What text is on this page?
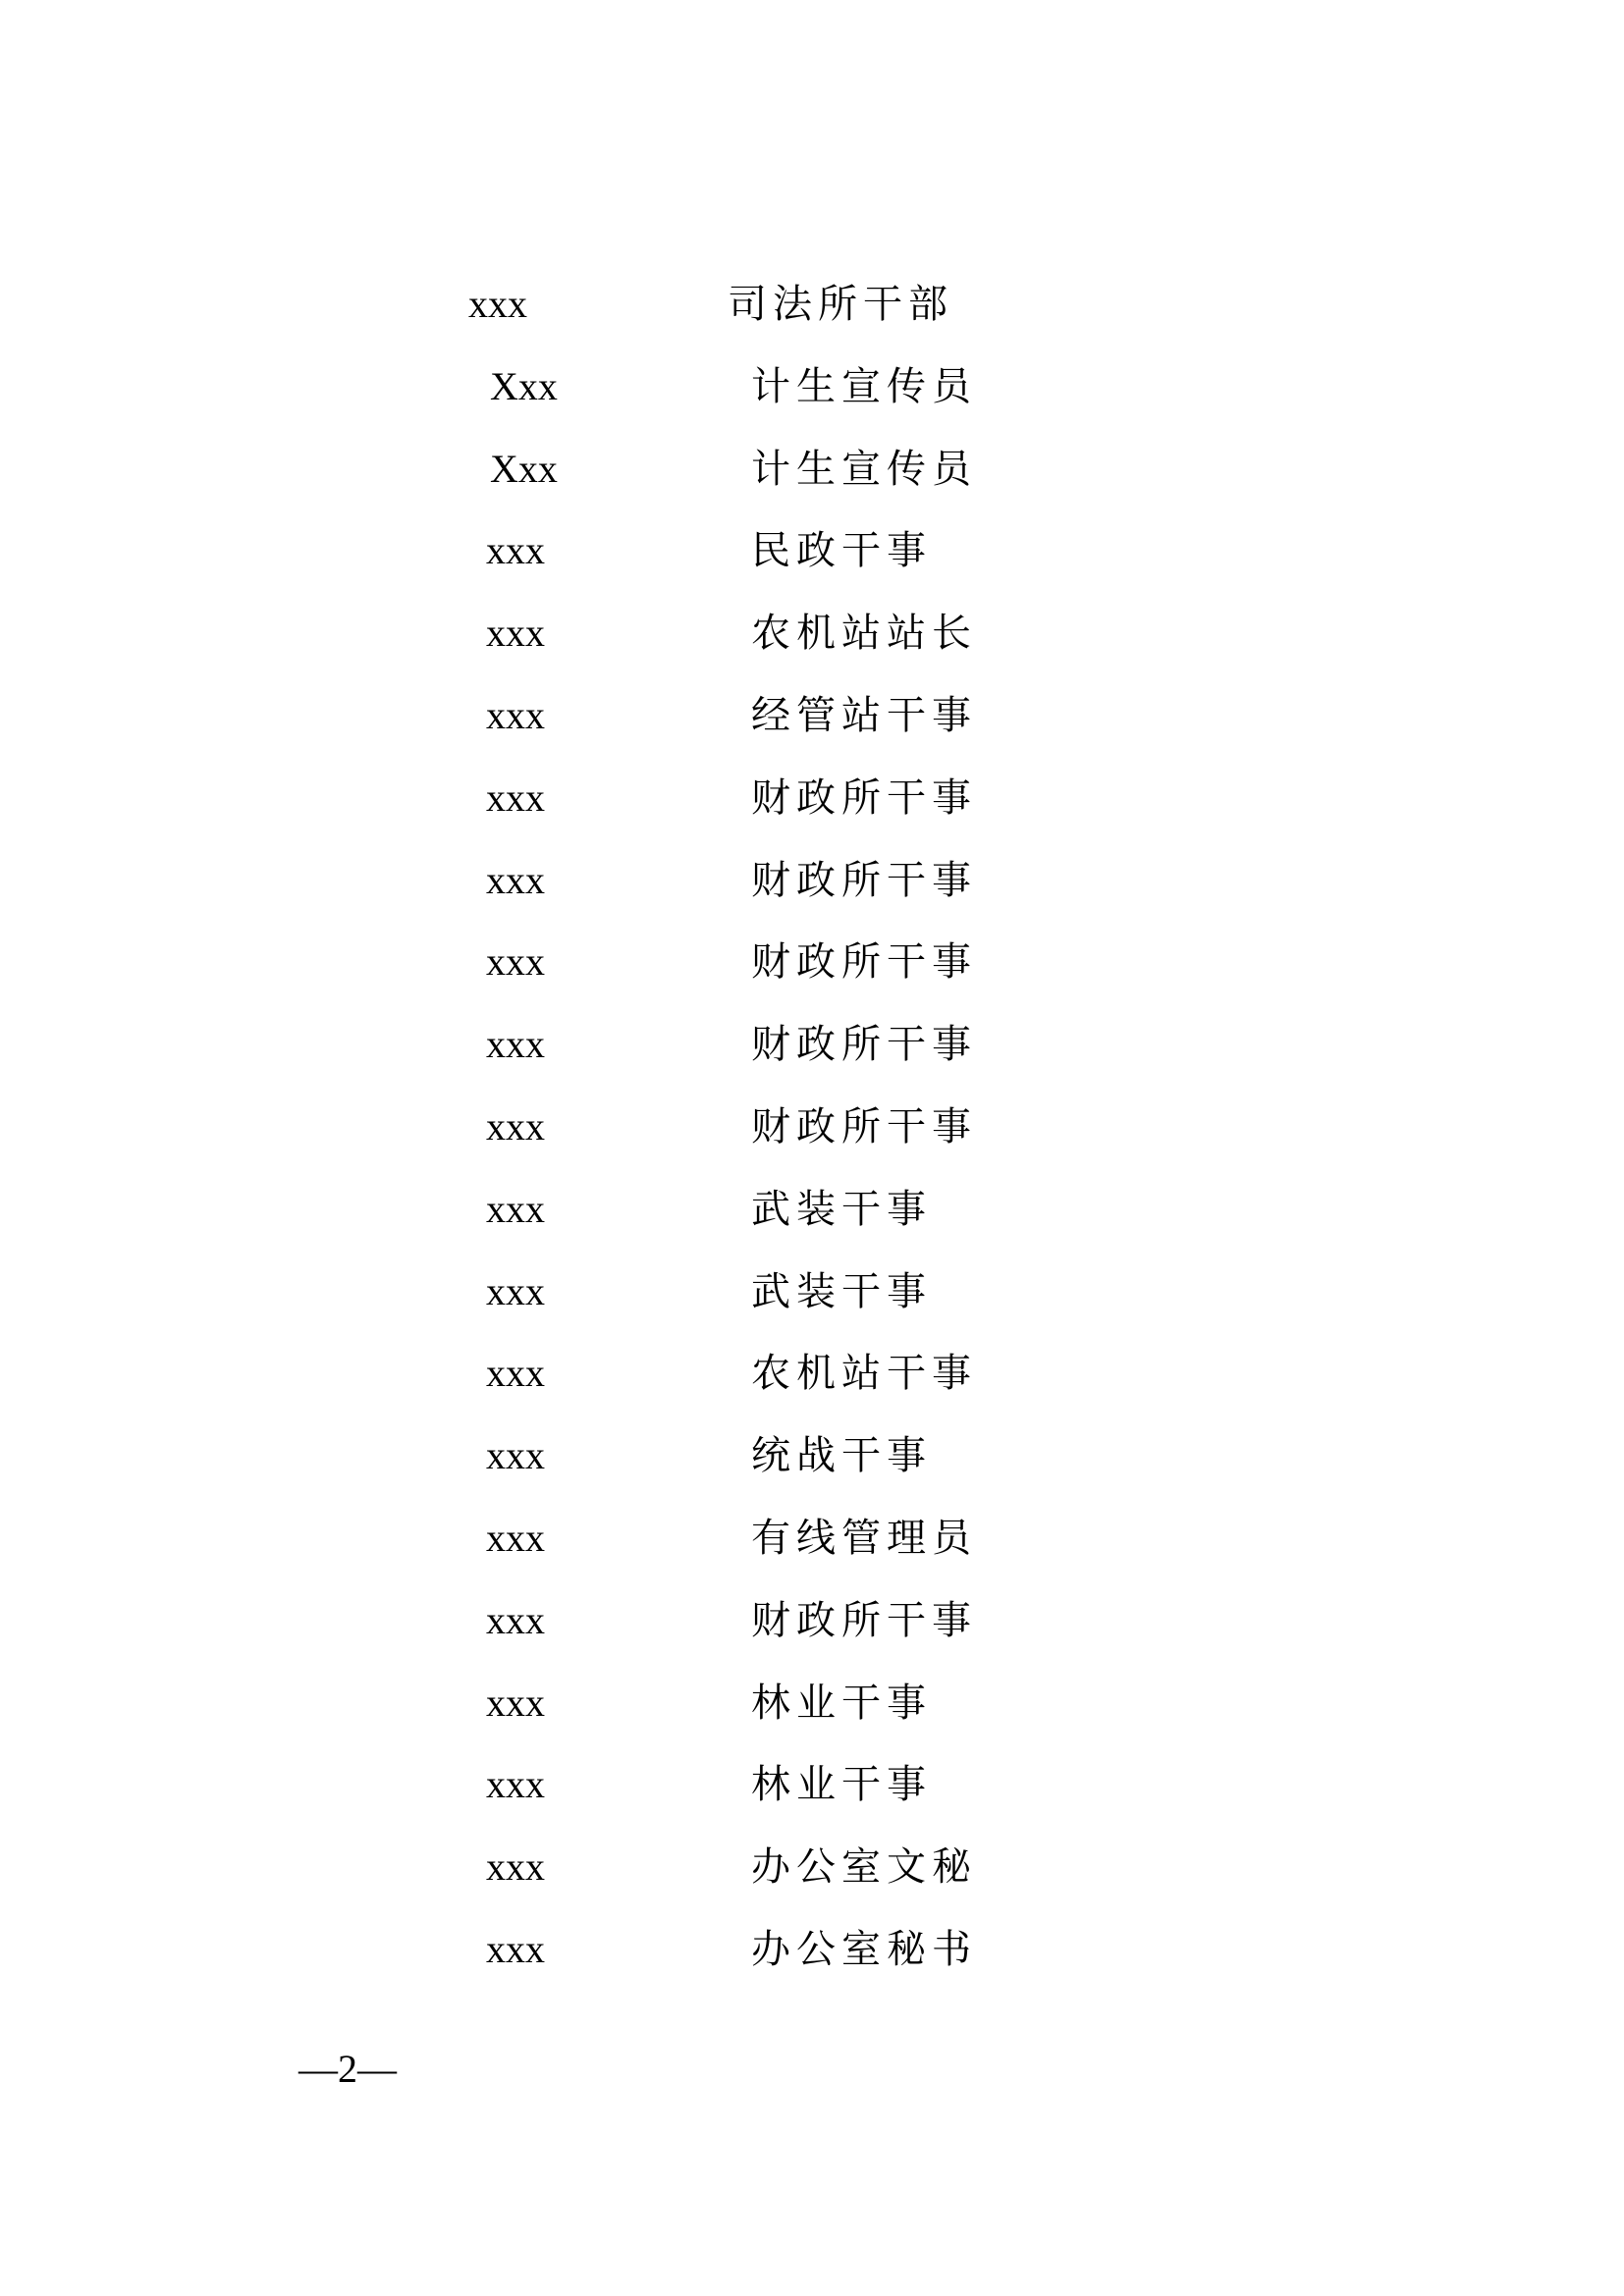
xxx	司法所干部
Xxx	计生宣传员
Xxx	计生宣传员
xxx	民政干事
xxx	农机站站长
xxx	经管站干事
xxx	财政所干事
xxx	财政所干事
xxx	财政所干事
xxx	财政所干事
xxx	财政所干事
xxx	武装干事
xxx	武装干事
xxx	农机站干事
xxx	统战干事
xxx	有线管理员
xxx	财政所干事
xxx	林业干事
xxx	林业干事
xxx	办公室文秘
xxx	办公室秘书
—2—
